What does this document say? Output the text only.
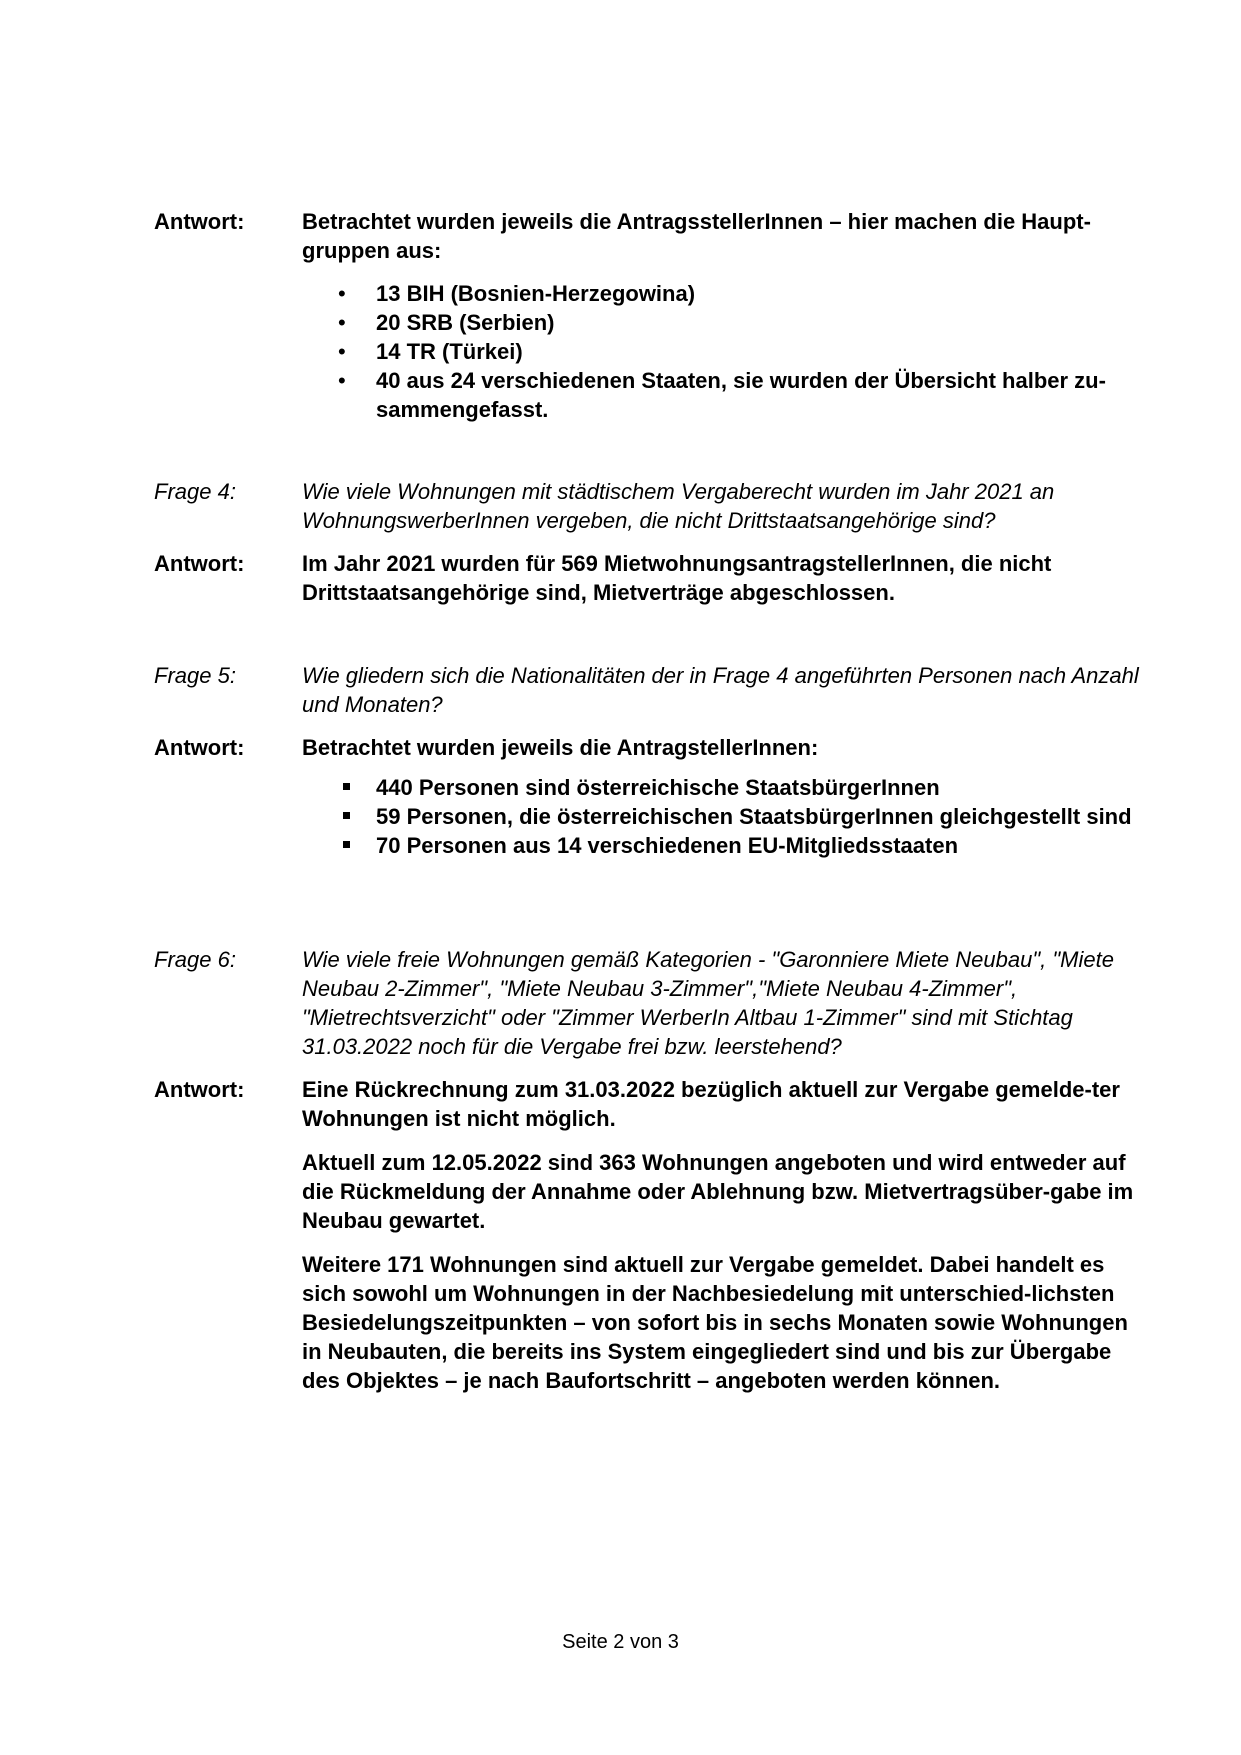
Antwort:	Betrachtet wurden jeweils die AntragsstellerInnen – hier machen die Haupt-gruppen aus:
• 13 BIH (Bosnien-Herzegowina)
• 20 SRB (Serbien)
• 14 TR (Türkei)
• 40 aus 24 verschiedenen Staaten, sie wurden der Übersicht halber zu-sammengefasst.
Frage 4:	Wie viele Wohnungen mit städtischem Vergaberecht wurden im Jahr 2021 an WohnungswerberInnen vergeben, die nicht Drittstaatsangehörige sind?
Antwort:	Im Jahr 2021 wurden für 569 MietwohnungsantragstellerInnen, die nicht Drittstaatsangehörige sind, Mietverträge abgeschlossen.
Frage 5:	Wie gliedern sich die Nationalitäten der in Frage 4 angeführten Personen nach Anzahl und Monaten?
Antwort:	Betrachtet wurden jeweils die AntragstellerInnen:
440 Personen sind österreichische StaatsbürgerInnen
59 Personen, die österreichischen StaatsbürgerInnen gleichgestellt sind
70 Personen aus 14 verschiedenen EU-Mitgliedsstaaten
Frage 6:	Wie viele freie Wohnungen gemäß Kategorien - "Garonniere Miete Neubau", "Miete Neubau 2-Zimmer", "Miete Neubau 3-Zimmer","Miete Neubau 4-Zimmer", "Mietrechtsverzicht" oder "Zimmer WerberIn Altbau 1-Zimmer" sind mit Stichtag 31.03.2022 noch für die Vergabe frei bzw. leerstehend?
Antwort:	Eine Rückrechnung zum 31.03.2022 bezüglich aktuell zur Vergabe gemelde-ter Wohnungen ist nicht möglich.
Aktuell zum 12.05.2022 sind 363 Wohnungen angeboten und wird entweder auf die Rückmeldung der Annahme oder Ablehnung bzw. Mietvertragsüber-gabe im Neubau gewartet.
Weitere 171 Wohnungen sind aktuell zur Vergabe gemeldet. Dabei handelt es sich sowohl um Wohnungen in der Nachbesiedelung mit unterschied-lichsten Besiedelungszeitpunkten – von sofort bis in sechs Monaten sowie Wohnungen in Neubauten, die bereits ins System eingegliedert sind und bis zur Übergabe des Objektes – je nach Baufortschritt – angeboten werden können.
Seite 2 von 3
